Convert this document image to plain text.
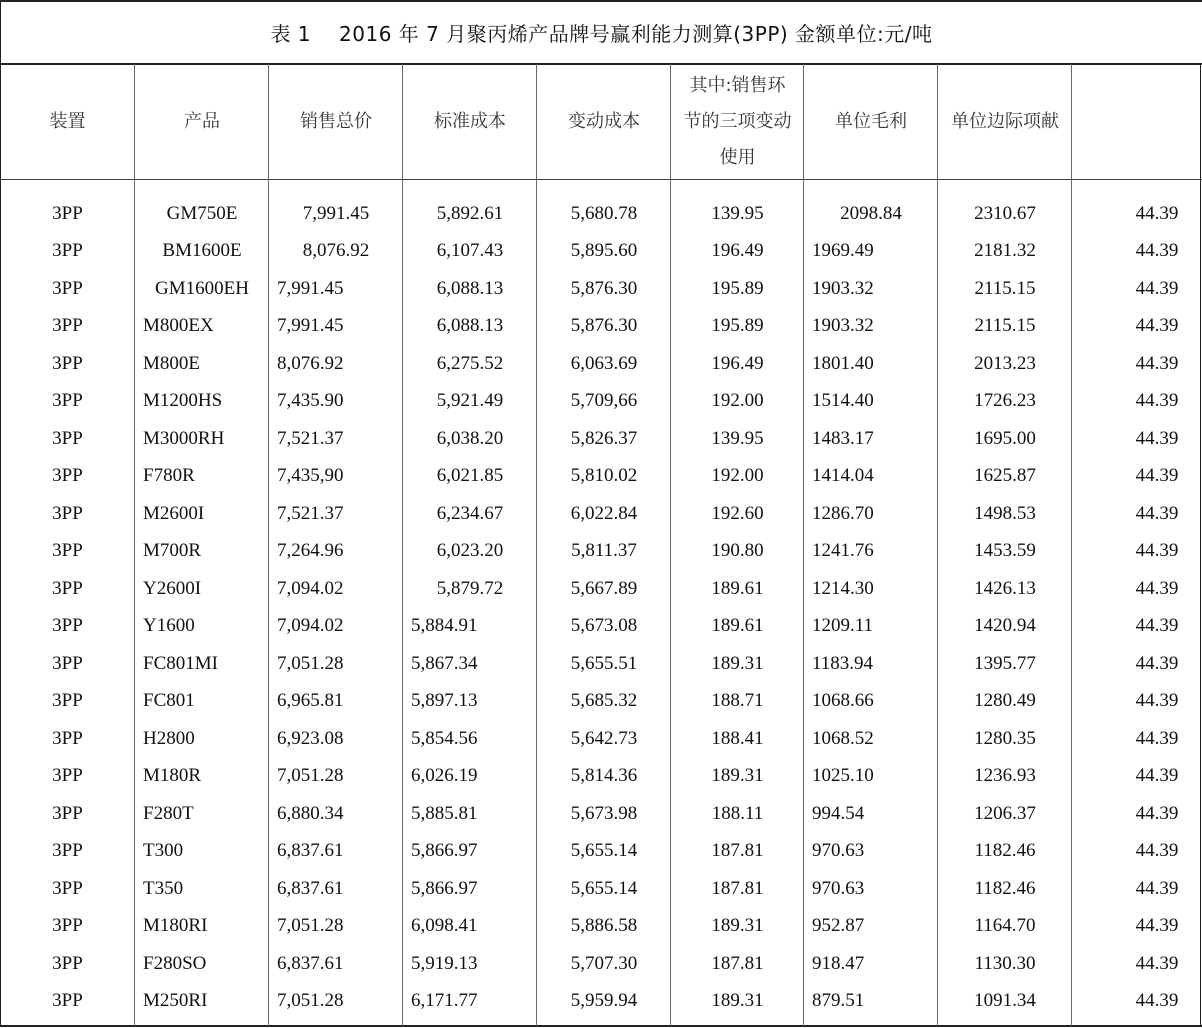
表 1 2016 年 7 月聚丙烯产品牌号赢利能力测算(3PP) 金额单位:元/吨
装置	产品	销售总价	标准成本	变动成本	其中:销售环节的三项变动使用	单位毛利	单位边际项献	
3PP	GM750E	7,991.45	5,892.61	5,680.78	139.95	2098.84	2310.67	44.39
3PP	BM1600E	8,076.92	6,107.43	5,895.60	196.49	1969.49	2181.32	44.39
3PP	GM1600EH	7,991.45	6,088.13	5,876.30	195.89	1903.32	2115.15	44.39
3PP	M800EX	7,991.45	6,088.13	5,876.30	195.89	1903.32	2115.15	44.39
3PP	M800E	8,076.92	6,275.52	6,063.69	196.49	1801.40	2013.23	44.39
3PP	M1200HS	7,435.90	5,921.49	5,709,66	192.00	1514.40	1726.23	44.39
3PP	M3000RH	7,521.37	6,038.20	5,826.37	139.95	1483.17	1695.00	44.39
3PP	F780R	7,435,90	6,021.85	5,810.02	192.00	1414.04	1625.87	44.39
3PP	M2600I	7,521.37	6,234.67	6,022.84	192.60	1286.70	1498.53	44.39
3PP	M700R	7,264.96	6,023.20	5,811.37	190.80	1241.76	1453.59	44.39
3PP	Y2600I	7,094.02	5,879.72	5,667.89	189.61	1214.30	1426.13	44.39
3PP	Y1600	7,094.02	5,884.91	5,673.08	189.61	1209.11	1420.94	44.39
3PP	FC801MI	7,051.28	5,867.34	5,655.51	189.31	1183.94	1395.77	44.39
3PP	FC801	6,965.81	5,897.13	5,685.32	188.71	1068.66	1280.49	44.39
3PP	H2800	6,923.08	5,854.56	5,642.73	188.41	1068.52	1280.35	44.39
3PP	M180R	7,051.28	6,026.19	5,814.36	189.31	1025.10	1236.93	44.39
3PP	F280T	6,880.34	5,885.81	5,673.98	188.11	994.54	1206.37	44.39
3PP	T300	6,837.61	5,866.97	5,655.14	187.81	970.63	1182.46	44.39
3PP	T350	6,837.61	5,866.97	5,655.14	187.81	970.63	1182.46	44.39
3PP	M180RI	7,051.28	6,098.41	5,886.58	189.31	952.87	1164.70	44.39
3PP	F280SO	6,837.61	5,919.13	5,707.30	187.81	918.47	1130.30	44.39
3PP	M250RI	7,051.28	6,171.77	5,959.94	189.31	879.51	1091.34	44.39
